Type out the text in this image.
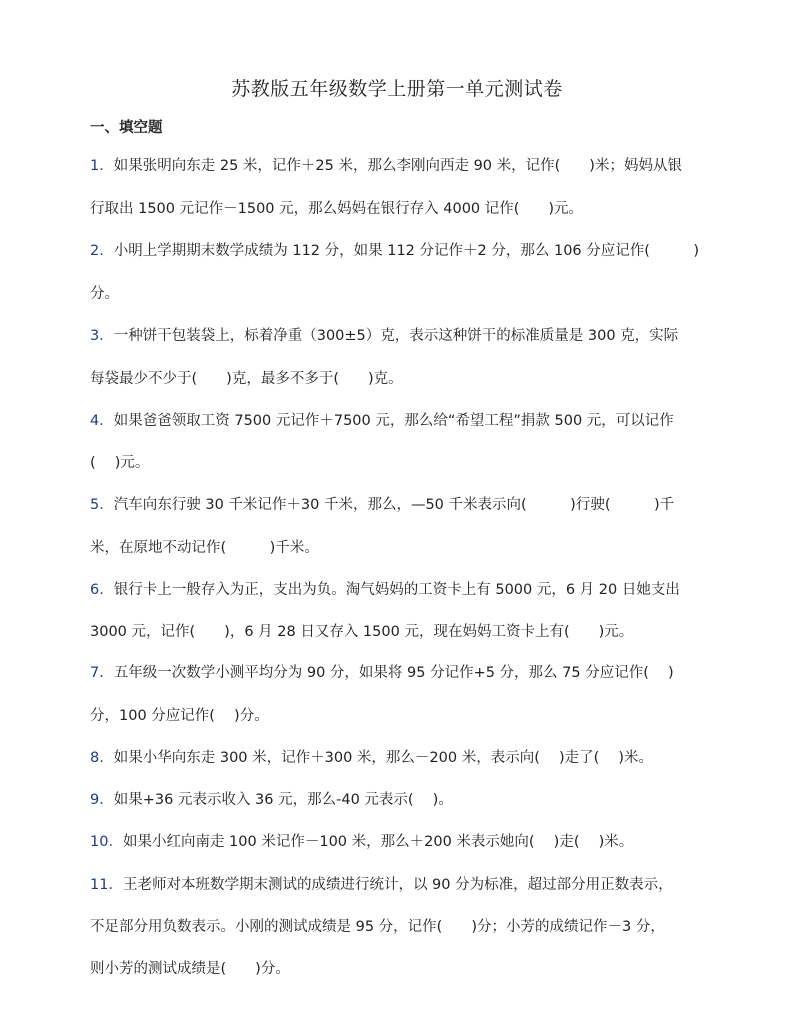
苏教版五年级数学上册第一单元测试卷
一、填空题
1．如果张明向东走 25 米，记作＋25 米，那么李刚向西走 90 米，记作(　　)米；妈妈从银
行取出 1500 元记作－1500 元，那么妈妈在银行存入 4000 记作(　　)元。
2．小明上学期期末数学成绩为 112 分，如果 112 分记作＋2 分，那么 106 分应记作(　　　)
分。
3．一种饼干包装袋上，标着净重（300±5）克，表示这种饼干的标准质量是 300 克，实际
每袋最少不少于(　　)克，最多不多于(　　)克。
4．如果爸爸领取工资 7500 元记作＋7500 元，那么给“希望工程”捐款 500 元，可以记作
(　 )元。
5．汽车向东行驶 30 千米记作＋30 千米，那么，—50 千米表示向(　　　)行驶(　　　)千
米，在原地不动记作(　　　)千米。
6．银行卡上一般存入为正，支出为负。淘气妈妈的工资卡上有 5000 元，6 月 20 日她支出
3000 元，记作(　　)，6 月 28 日又存入 1500 元，现在妈妈工资卡上有(　　)元。
7．五年级一次数学小测平均分为 90 分，如果将 95 分记作+5 分，那么 75 分应记作(　 )
分，100 分应记作(　 )分。
8．如果小华向东走 300 米，记作＋300 米，那么－200 米，表示向(　 )走了(　 )米。
9．如果+36 元表示收入 36 元，那么-40 元表示(　 )。
10．如果小红向南走 100 米记作－100 米，那么＋200 米表示她向(　 )走(　 )米。
11．王老师对本班数学期末测试的成绩进行统计，以 90 分为标准，超过部分用正数表示，
不足部分用负数表示。小刚的测试成绩是 95 分，记作(　　)分；小芳的成绩记作－3 分，
则小芳的测试成绩是(　　)分。
